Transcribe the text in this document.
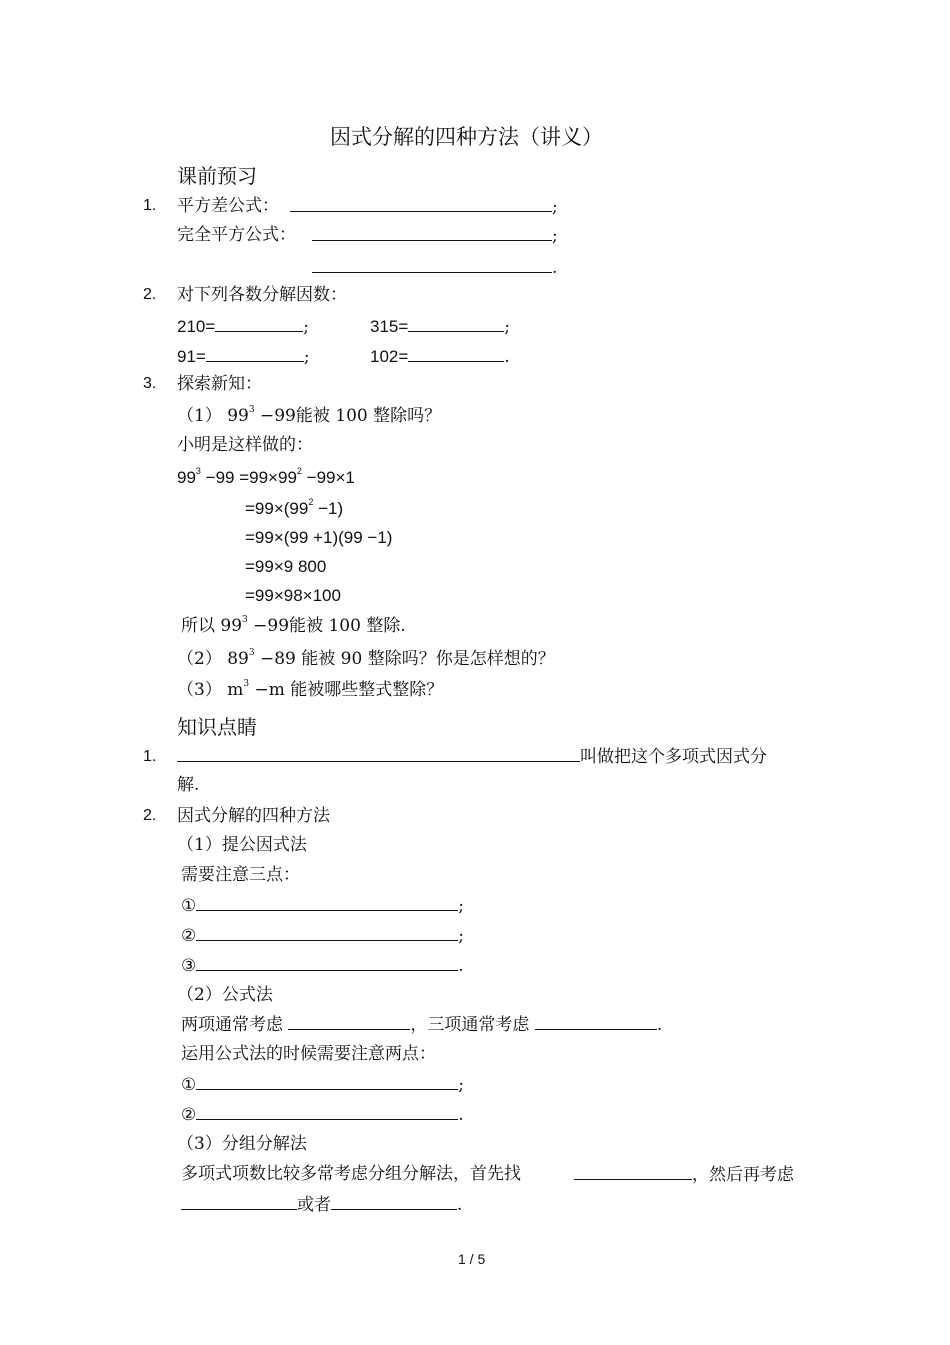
因式分解的四种方法（讲义）
课前预习
1. 平方差公式：	;
完全平方公式：	;
.
2. 对下列各数分解因数：
210=	;	315=	;
91=	;	102=	.
3. 探索新知：
（1） $99^3 -99$能被 100 整除吗？
小明是这样做的：
$99^3 -99 =99\times 99^2 -99\times 1$
$=99\times(99^2 -1)$
=99×(99 +1)(99 −1)
=99×9 800
=99×98×100
所以 $99^3 -99$能被 100 整除.
（2） $89^3 -89$ 能被 90 整除吗？你是怎样想的？
（3） $m^3 -m$ 能被哪些整式整除？
知识点睛
1.	叫做把这个多项式因式分
解.
2. 因式分解的四种方法
（1）提公因式法
需要注意三点：
①	;
②	;
③	.
（2）公式法
两项通常考虑	，三项通常考虑	.
运用公式法的时候需要注意两点：
①	;
②	.
（3）分组分解法
多项式项数比较多常考虑分组分解法，首先找	，然后再考虑
或者	.
1 / 5
